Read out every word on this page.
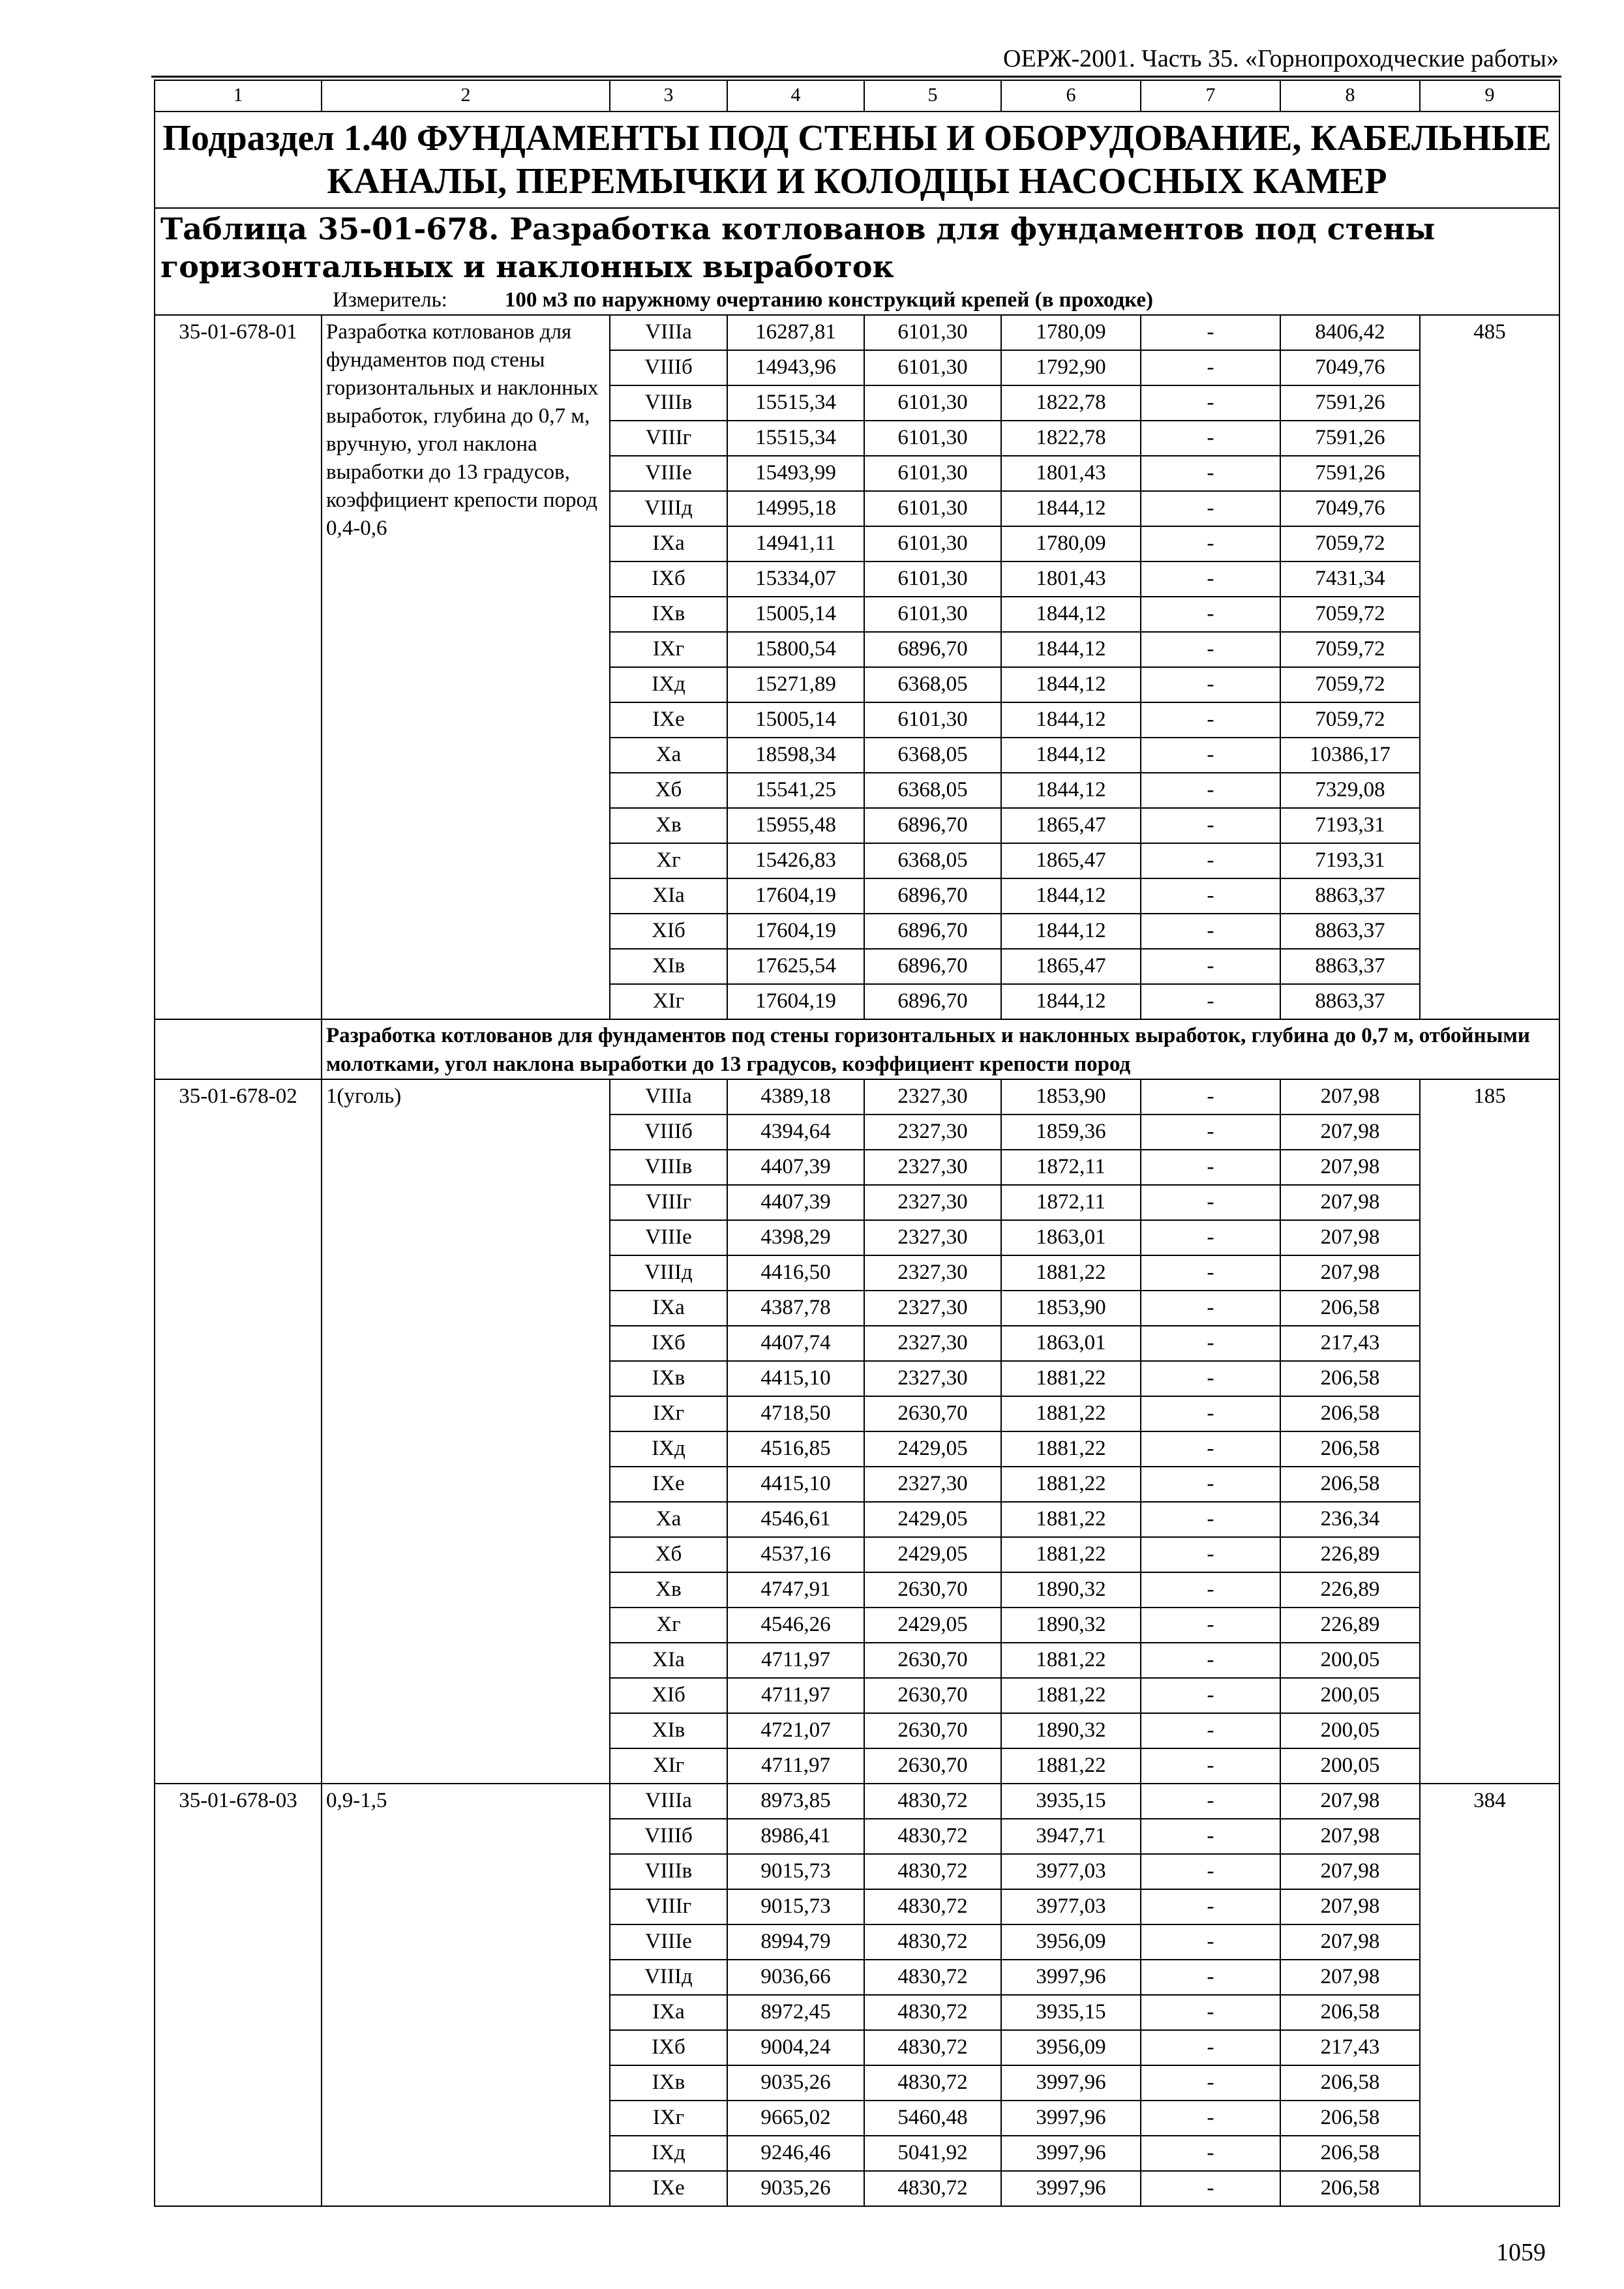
ОЕРЖ-2001. Часть 35. «Горнопроходческие работы»
1	2	3	4	5	6	7	8	9
Подраздел 1.40 ФУНДАМЕНТЫ ПОД СТЕНЫ И ОБОРУДОВАНИЕ, КАБЕЛЬНЫЕ КАНАЛЫ, ПЕРЕМЫЧКИ И КОЛОДЦЫ НАСОСНЫХ КАМЕР								
Таблица 35-01-678. Разработка котлованов для фундаментов под стены горизонтальных и наклонных выработок
Измеритель: 100 м3 по наружному очертанию конструкций крепей (в проходке)								

35-01-678-01	Разработка котлованов для фундаментов под стены горизонтальных и наклонных выработок, глубина до 0,7 м, вручную, угол наклона выработки до 13 градусов, коэффициент крепости пород 0,4-0,6	VIIIа	16287,81	6101,30	1780,09	-	8406,42	485
		VIIIб	14943,96	6101,30	1792,90	-	7049,76	
		VIIIв	15515,34	6101,30	1822,78	-	7591,26	
		VIIIг	15515,34	6101,30	1822,78	-	7591,26	
		VIIIе	15493,99	6101,30	1801,43	-	7591,26	
		VIIIд	14995,18	6101,30	1844,12	-	7049,76	
		IXа	14941,11	6101,30	1780,09	-	7059,72	
		IXб	15334,07	6101,30	1801,43	-	7431,34	
		IXв	15005,14	6101,30	1844,12	-	7059,72	
		IXг	15800,54	6896,70	1844,12	-	7059,72	
		IXд	15271,89	6368,05	1844,12	-	7059,72	
		IXе	15005,14	6101,30	1844,12	-	7059,72	
		Xа	18598,34	6368,05	1844,12	-	10386,17	
		Xб	15541,25	6368,05	1844,12	-	7329,08	
		Xв	15955,48	6896,70	1865,47	-	7193,31	
		Xг	15426,83	6368,05	1865,47	-	7193,31	
		XIа	17604,19	6896,70	1844,12	-	8863,37	
		XIб	17604,19	6896,70	1844,12	-	8863,37	
		XIв	17625,54	6896,70	1865,47	-	8863,37	
		XIг	17604,19	6896,70	1844,12	-	8863,37	
	Разработка котлованов для фундаментов под стены горизонтальных и наклонных выработок, глубина до 0,7 м, отбойными молотками, угол наклона выработки до 13 градусов, коэффициент крепости пород							
35-01-678-02	1(уголь)	VIIIа	4389,18	2327,30	1853,90	-	207,98	185
		VIIIб	4394,64	2327,30	1859,36	-	207,98	
		VIIIв	4407,39	2327,30	1872,11	-	207,98	
		VIIIг	4407,39	2327,30	1872,11	-	207,98	
		VIIIе	4398,29	2327,30	1863,01	-	207,98	
		VIIIд	4416,50	2327,30	1881,22	-	207,98	
		IXа	4387,78	2327,30	1853,90	-	206,58	
		IXб	4407,74	2327,30	1863,01	-	217,43	
		IXв	4415,10	2327,30	1881,22	-	206,58	
		IXг	4718,50	2630,70	1881,22	-	206,58	
		IXд	4516,85	2429,05	1881,22	-	206,58	
		IXе	4415,10	2327,30	1881,22	-	206,58	
		Xа	4546,61	2429,05	1881,22	-	236,34	
		Xб	4537,16	2429,05	1881,22	-	226,89	
		Xв	4747,91	2630,70	1890,32	-	226,89	
		Xг	4546,26	2429,05	1890,32	-	226,89	
		XIа	4711,97	2630,70	1881,22	-	200,05	
		XIб	4711,97	2630,70	1881,22	-	200,05	
		XIв	4721,07	2630,70	1890,32	-	200,05	
		XIг	4711,97	2630,70	1881,22	-	200,05	
35-01-678-03	0,9-1,5	VIIIа	8973,85	4830,72	3935,15	-	207,98	384
		VIIIб	8986,41	4830,72	3947,71	-	207,98	
		VIIIв	9015,73	4830,72	3977,03	-	207,98	
		VIIIг	9015,73	4830,72	3977,03	-	207,98	
		VIIIе	8994,79	4830,72	3956,09	-	207,98	
		VIIIд	9036,66	4830,72	3997,96	-	207,98	
		IXа	8972,45	4830,72	3935,15	-	206,58	
		IXб	9004,24	4830,72	3956,09	-	217,43	
		IXв	9035,26	4830,72	3997,96	-	206,58	
		IXг	9665,02	5460,48	3997,96	-	206,58	
		IXд	9246,46	5041,92	3997,96	-	206,58	
		IXе	9035,26	4830,72	3997,96	-	206,58	
1059
